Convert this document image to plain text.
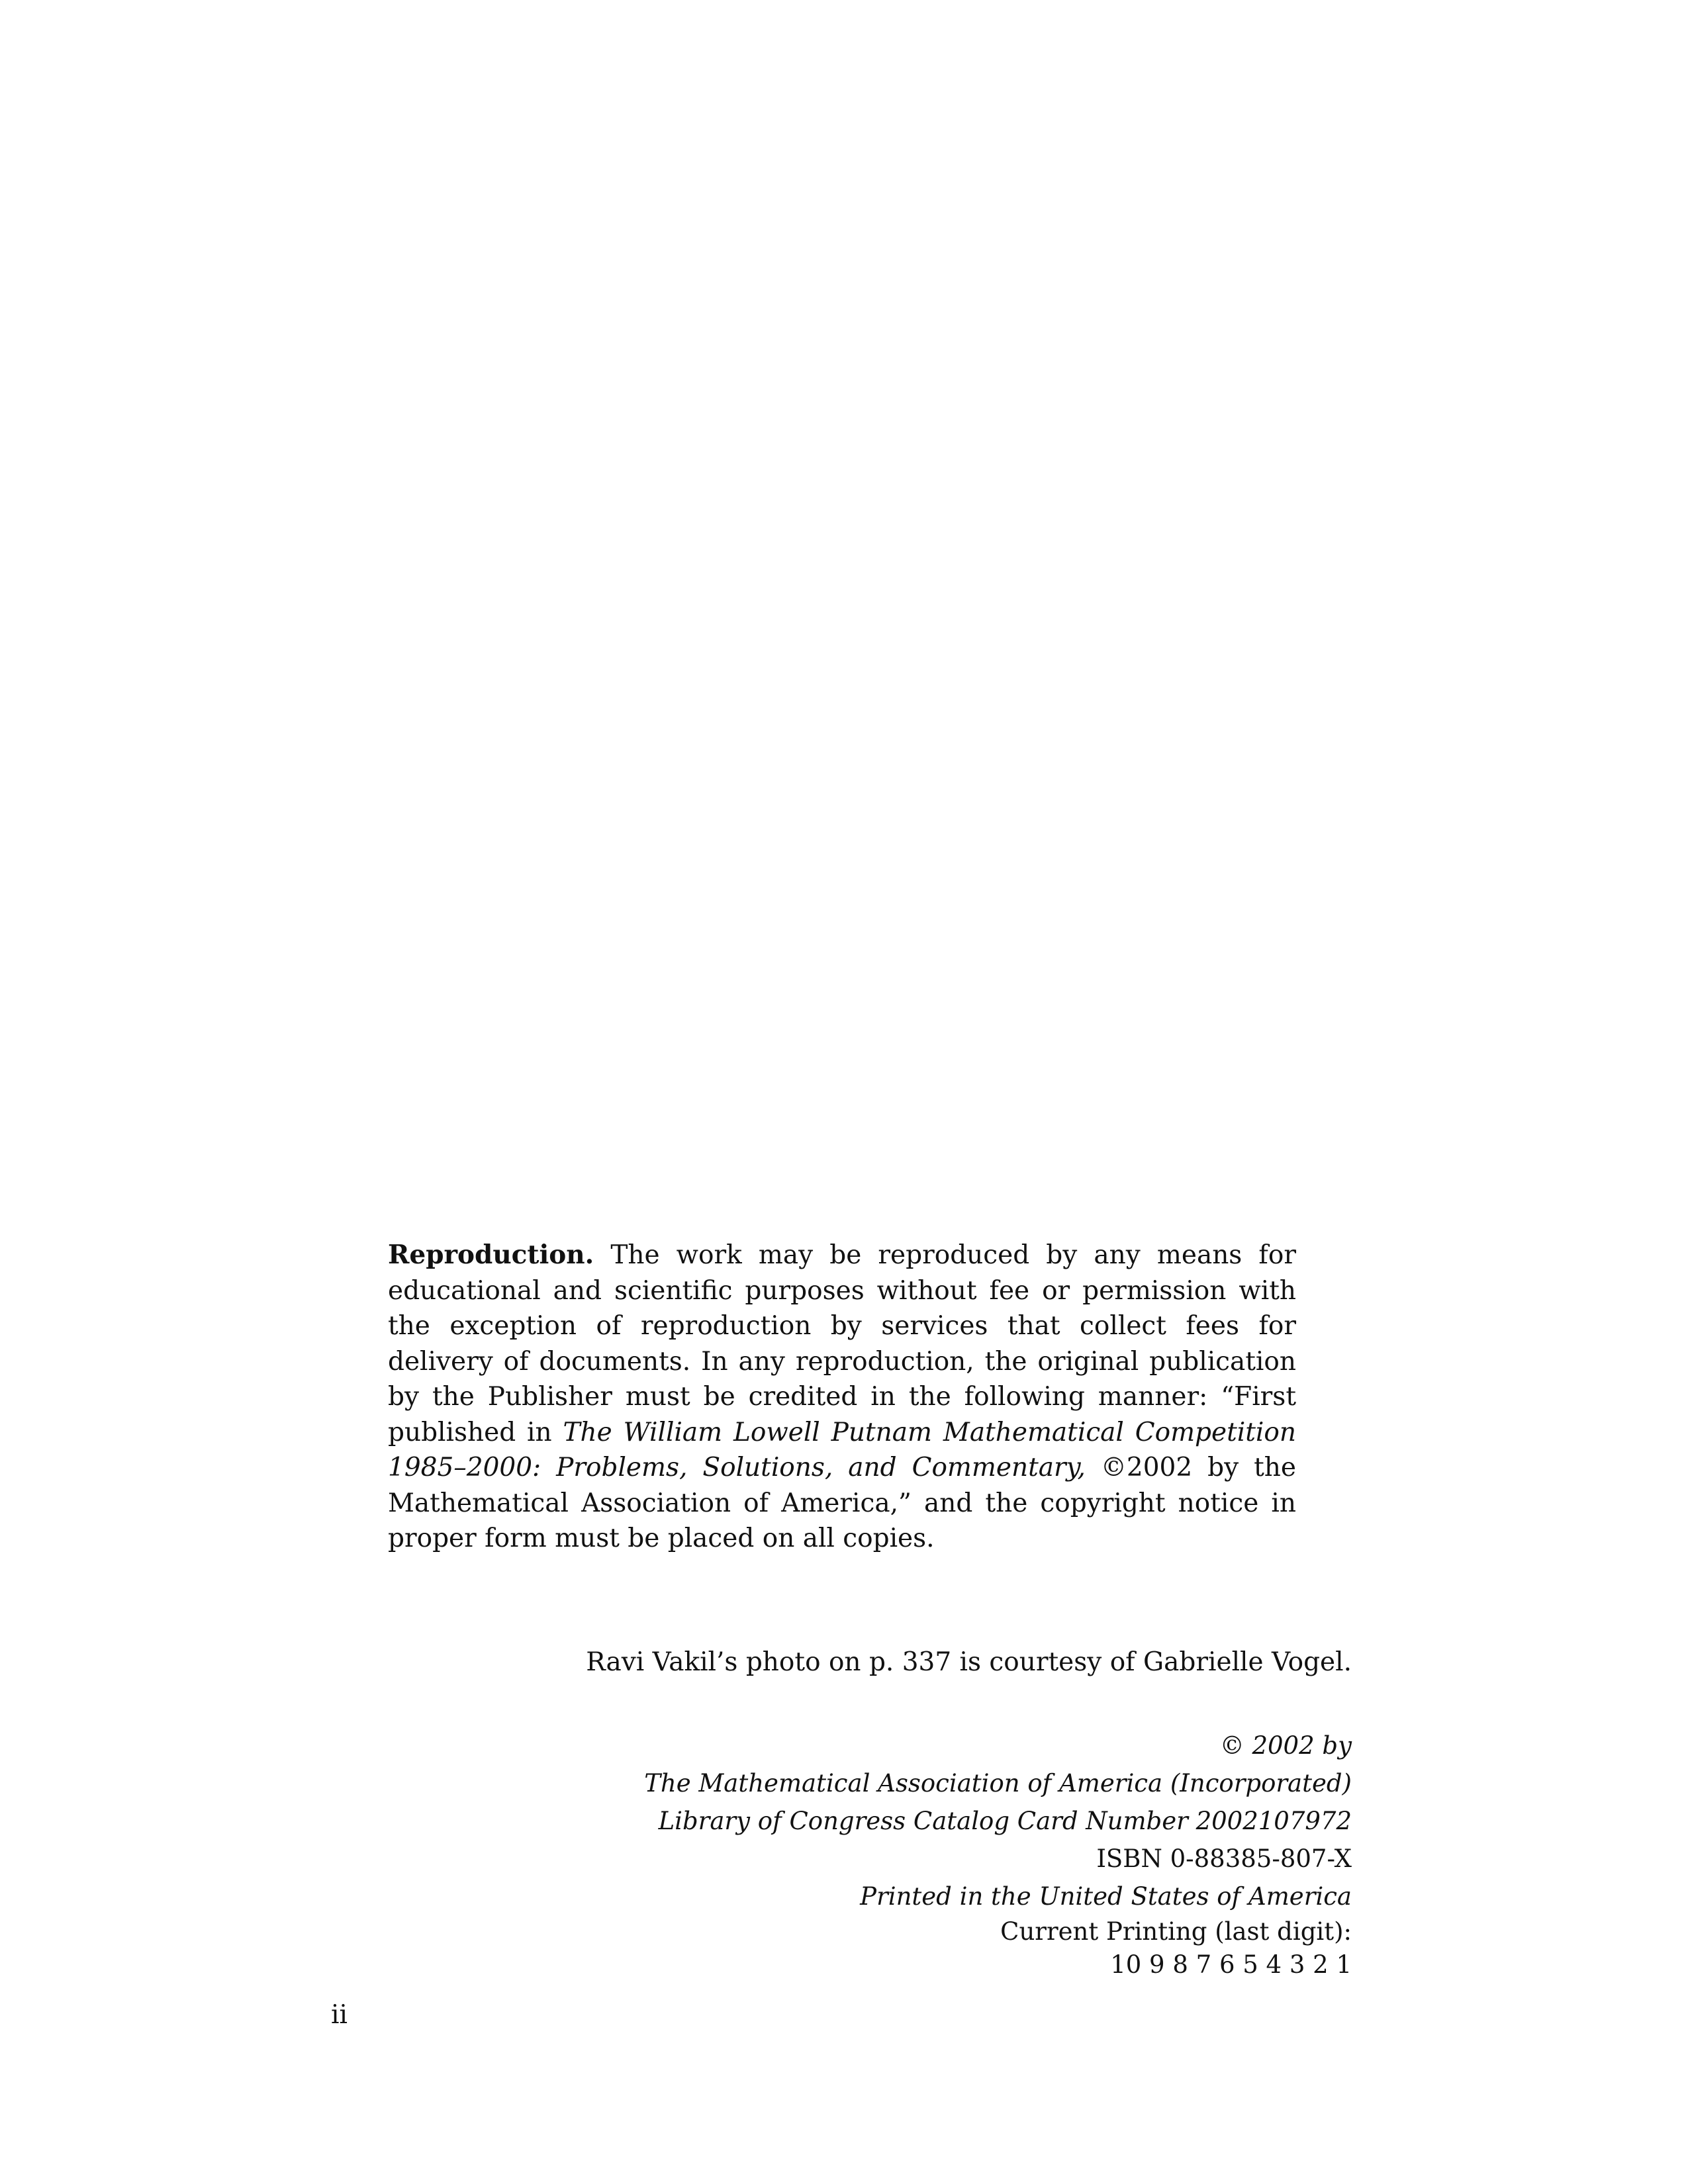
Reproduction. The work may be reproduced by any means for educational and scientific purposes without fee or permission with the exception of reproduction by services that collect fees for delivery of documents. In any reproduction, the original publication by the Publisher must be credited in the following manner: “First published in The William Lowell Putnam Mathematical Competition 1985–2000: Problems, Solutions, and Commentary, ©2002 by the Mathematical Association of America,” and the copyright notice in proper form must be placed on all copies.

Ravi Vakil’s photo on p. 337 is courtesy of Gabrielle Vogel.

© 2002 by
The Mathematical Association of America (Incorporated)
Library of Congress Catalog Card Number 2002107972
ISBN 0-88385-807-X
Printed in the United States of America
Current Printing (last digit):
10 9 8 7 6 5 4 3 2 1

ii
